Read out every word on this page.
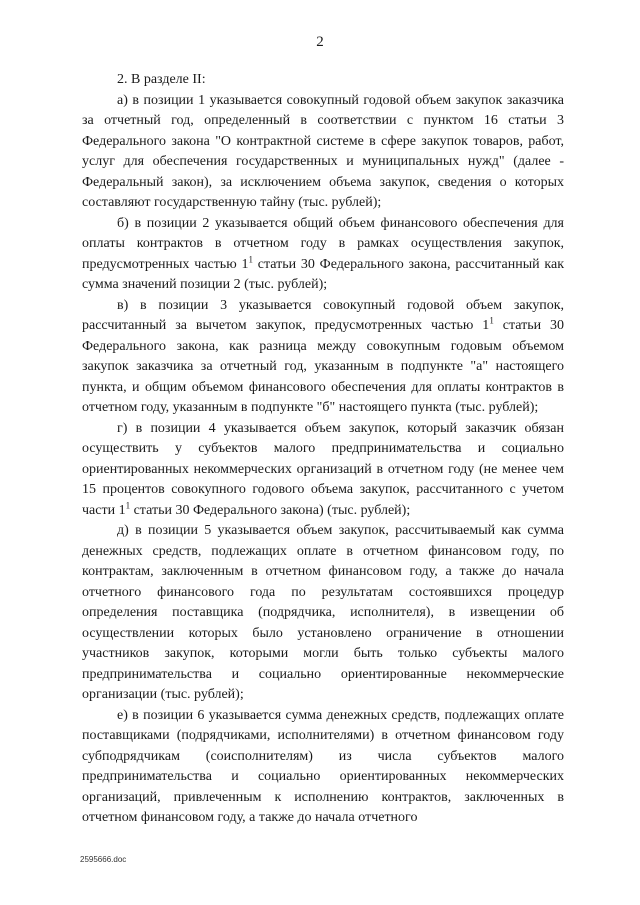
2

2. В разделе II:

а) в позиции 1 указывается совокупный годовой объем закупок заказчика за отчетный год, определенный в соответствии с пунктом 16 статьи 3 Федерального закона "О контрактной системе в сфере закупок товаров, работ, услуг для обеспечения государственных и муниципальных нужд" (далее - Федеральный закон), за исключением объема закупок, сведения о которых составляют государственную тайну (тыс. рублей);

б) в позиции 2 указывается общий объем финансового обеспечения для оплаты контрактов в отчетном году в рамках осуществления закупок, предусмотренных частью $1^1$ статьи 30 Федерального закона, рассчитанный как сумма значений позиции 2 (тыс. рублей);

в) в позиции 3 указывается совокупный годовой объем закупок, рассчитанный за вычетом закупок, предусмотренных частью $1^1$ статьи 30 Федерального закона, как разница между совокупным годовым объемом закупок заказчика за отчетный год, указанным в подпункте "а" настоящего пункта, и общим объемом финансового обеспечения для оплаты контрактов в отчетном году, указанным в подпункте "б" настоящего пункта (тыс. рублей);

г) в позиции 4 указывается объем закупок, который заказчик обязан осуществить у субъектов малого предпринимательства и социально ориентированных некоммерческих организаций в отчетном году (не менее чем 15 процентов совокупного годового объема закупок, рассчитанного с учетом части $1^1$ статьи 30 Федерального закона) (тыс. рублей);

д) в позиции 5 указывается объем закупок, рассчитываемый как сумма денежных средств, подлежащих оплате в отчетном финансовом году, по контрактам, заключенным в отчетном финансовом году, а также до начала отчетного финансового года по результатам состоявшихся процедур определения поставщика (подрядчика, исполнителя), в извещении об осуществлении которых было установлено ограничение в отношении участников закупок, которыми могли быть только субъекты малого предпринимательства и социально ориентированные некоммерческие организации (тыс. рублей);

е) в позиции 6 указывается сумма денежных средств, подлежащих оплате поставщиками (подрядчиками, исполнителями) в отчетном финансовом году субподрядчикам (соисполнителям) из числа субъектов малого предпринимательства и социально ориентированных некоммерческих организаций, привлеченным к исполнению контрактов, заключенных в отчетном финансовом году, а также до начала отчетного

2595666.doc
